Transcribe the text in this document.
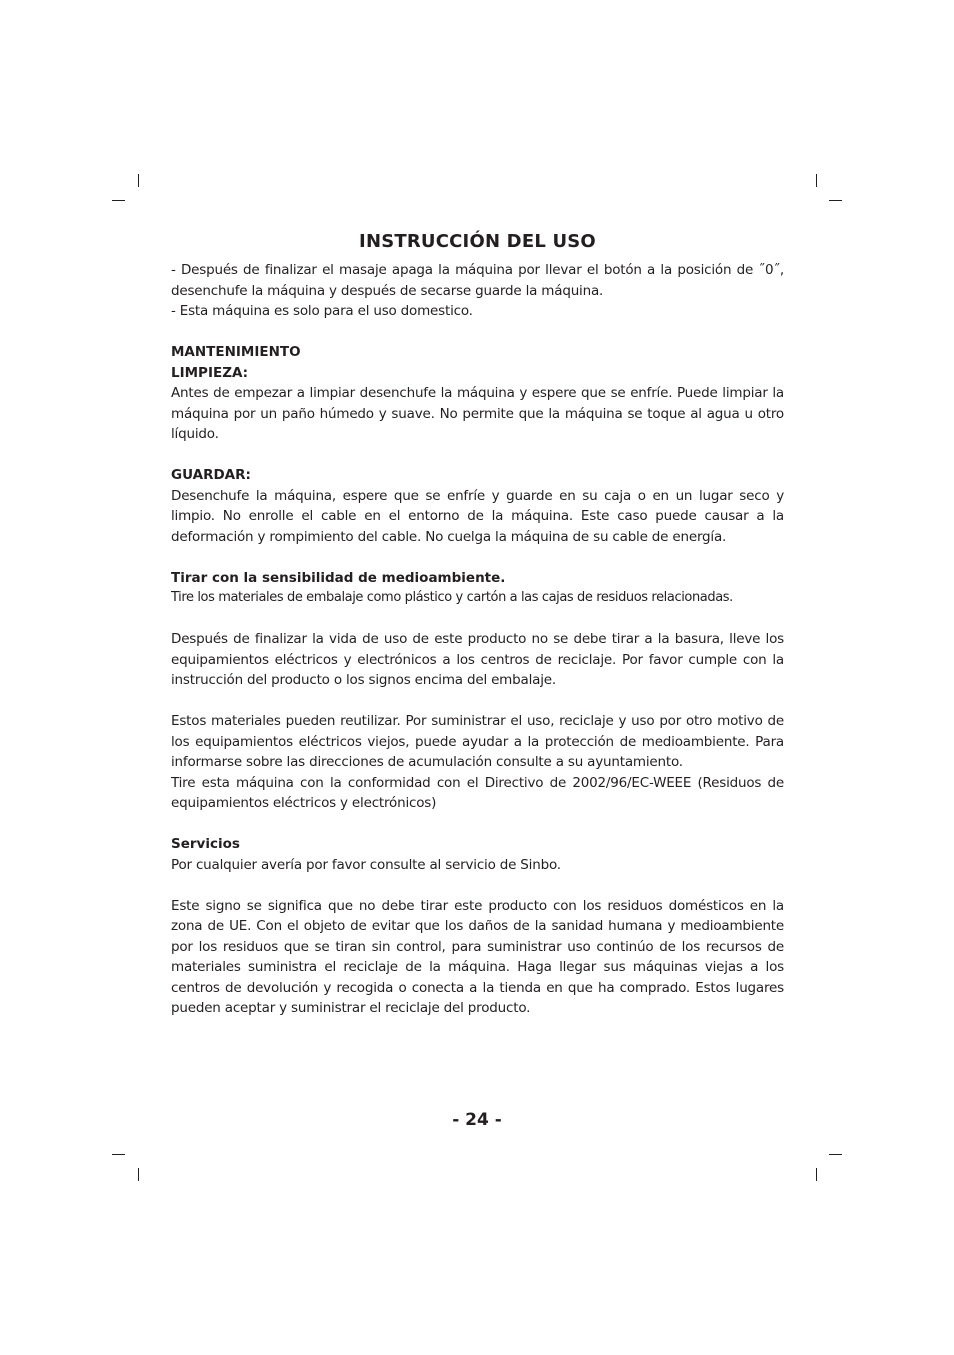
INSTRUCCIÓN DEL USO

- Después de finalizar el masaje apaga la máquina por llevar el botón a la posición de ˝0˝, desenchufe la máquina y después de secarse guarde la máquina.

- Esta máquina es solo para el uso domestico.

MANTENIMIENTO
LIMPIEZA:

Antes de empezar a limpiar desenchufe la máquina y espere que se enfríe. Puede limpiar la máquina por un paño húmedo y suave. No permite que la máquina se toque al agua u otro líquido.

GUARDAR:

Desenchufe la máquina, espere que se enfríe y guarde en su caja o en un lugar seco y limpio. No enrolle el cable en el entorno de la máquina. Este caso puede causar a la deformación y rompimiento del cable. No cuelga la máquina de su cable de energía.

Tirar con la sensibilidad de medioambiente.

Tire los materiales de embalaje como plástico y cartón a las cajas de residuos relacionadas.

Después de finalizar la vida de uso de este producto no se debe tirar a la basura, lleve los equipamientos eléctricos y electrónicos a los centros de reciclaje. Por favor cumple con la instrucción del producto o los signos encima del embalaje.

Estos materiales pueden reutilizar. Por suministrar el uso, reciclaje y uso por otro motivo de los equipamientos eléctricos viejos, puede ayudar a la protección de medioambiente. Para informarse sobre las direcciones de acumulación consulte a su ayuntamiento.

Tire esta máquina con la conformidad con el Directivo de 2002/96/EC-WEEE (Residuos de equipamientos eléctricos y electrónicos)

Servicios

Por cualquier avería por favor consulte al servicio de Sinbo.

Este signo se significa que no debe tirar este producto con los residuos domésticos en la zona de UE. Con el objeto de evitar que los daños de la sanidad humana y medioambiente por los residuos que se tiran sin control, para suministrar uso continúo de los recursos de materiales suministra el reciclaje de la máquina. Haga llegar sus máquinas viejas a los centros de devolución y recogida o conecta a la tienda en que ha comprado. Estos lugares pueden aceptar y suministrar el reciclaje del producto.

- 24 -
